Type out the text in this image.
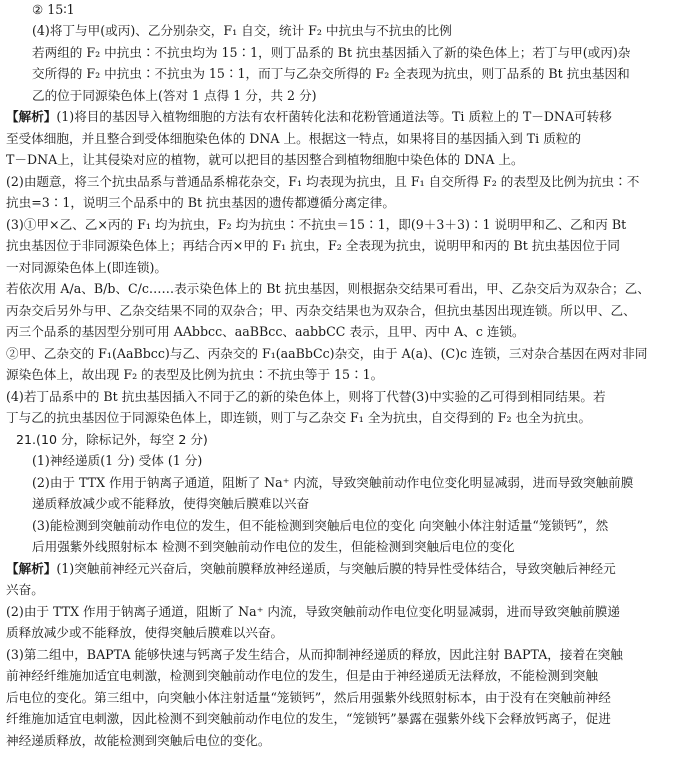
② 15∶1
(4)将丁与甲(或丙)、乙分别杂交，F₁ 自交，统计 F₂ 中抗虫与不抗虫的比例
若两组的 F₂ 中抗虫∶不抗虫均为 15∶1，则丁品系的 Bt 抗虫基因插入了新的染色体上；若丁与甲(或丙)杂
交所得的 F₂ 中抗虫∶不抗虫为 15∶1，而丁与乙杂交所得的 F₂ 全表现为抗虫，则丁品系的 Bt 抗虫基因和
乙的位于同源染色体上(答对 1 点得 1 分，共 2 分)
【解析】(1)将目的基因导入植物细胞的方法有农杆菌转化法和花粉管通道法等。Ti 质粒上的 T－DNA可转移
至受体细胞，并且整合到受体细胞染色体的 DNA 上。根据这一特点，如果将目的基因插入到 Ti 质粒的
T－DNA上，让其侵染对应的植物，就可以把目的基因整合到植物细胞中染色体的 DNA 上。
(2)由题意，将三个抗虫品系与普通品系棉花杂交，F₁ 均表现为抗虫，且 F₁ 自交所得 F₂ 的表型及比例为抗虫∶不
抗虫=3∶1，说明三个品系中的 Bt 抗虫基因的遗传都遵循分离定律。
(3)①甲×乙、乙×丙的 F₁ 均为抗虫，F₂ 均为抗虫∶不抗虫＝15∶1，即(9＋3＋3)∶1 说明甲和乙、乙和丙 Bt
抗虫基因位于非同源染色体上；再结合丙×甲的 F₁ 抗虫，F₂ 全表现为抗虫，说明甲和丙的 Bt 抗虫基因位于同
一对同源染色体上(即连锁)。
若依次用 A/a、B/b、C/c……表示染色体上的 Bt 抗虫基因，则根据杂交结果可看出，甲、乙杂交后为双杂合；乙、
丙杂交后另外与甲、乙杂交结果不同的双杂合；甲、丙杂交结果也为双杂合，但抗虫基因出现连锁。所以甲、乙、
丙三个品系的基因型分别可用 AAbbcc、aaBBcc、aabbCC 表示，且甲、丙中 A、c 连锁。
②甲、乙杂交的 F₁(AaBbcc)与乙、丙杂交的 F₁(aaBbCc)杂交，由于 A(a)、(C)c 连锁，三对杂合基因在两对非同
源染色体上，故出现 F₂ 的表型及比例为抗虫∶不抗虫等于 15∶1。
(4)若丁品系中的 Bt 抗虫基因插入不同于乙的新的染色体上，则将丁代替(3)中实验的乙可得到相同结果。若
丁与乙的抗虫基因位于同源染色体上，即连锁，则丁与乙杂交 F₁ 全为抗虫，自交得到的 F₂ 也全为抗虫。
21.(10 分，除标记外，每空 2 分)
(1)神经递质(1 分) 受体 (1 分)
(2)由于 TTX 作用于钠离子通道，阻断了 Na⁺ 内流，导致突触前动作电位变化明显减弱，进而导致突触前膜
递质释放减少或不能释放，使得突触后膜难以兴奋
(3)能检测到突触前动作电位的发生，但不能检测到突触后电位的变化 向突触小体注射适量“笼锁钙”，然
后用强紫外线照射标本 检测不到突触前动作电位的发生，但能检测到突触后电位的变化
【解析】(1)突触前神经元兴奋后，突触前膜释放神经递质，与突触后膜的特异性受体结合，导致突触后神经元
兴奋。
(2)由于 TTX 作用于钠离子通道，阻断了 Na⁺ 内流，导致突触前动作电位变化明显减弱，进而导致突触前膜递
质释放减少或不能释放，使得突触后膜难以兴奋。
(3)第二组中，BAPTA 能够快速与钙离子发生结合，从而抑制神经递质的释放，因此注射 BAPTA，接着在突触
前神经纤维施加适宜电刺激，检测到突触前动作电位的发生，但是由于神经递质无法释放，不能检测到突触
后电位的变化。第三组中，向突触小体注射适量“笼锁钙”，然后用强紫外线照射标本，由于没有在突触前神经
纤维施加适宜电刺激，因此检测不到突触前动作电位的发生，“笼锁钙”暴露在强紫外线下会释放钙离子，促进
神经递质释放，故能检测到突触后电位的变化。
